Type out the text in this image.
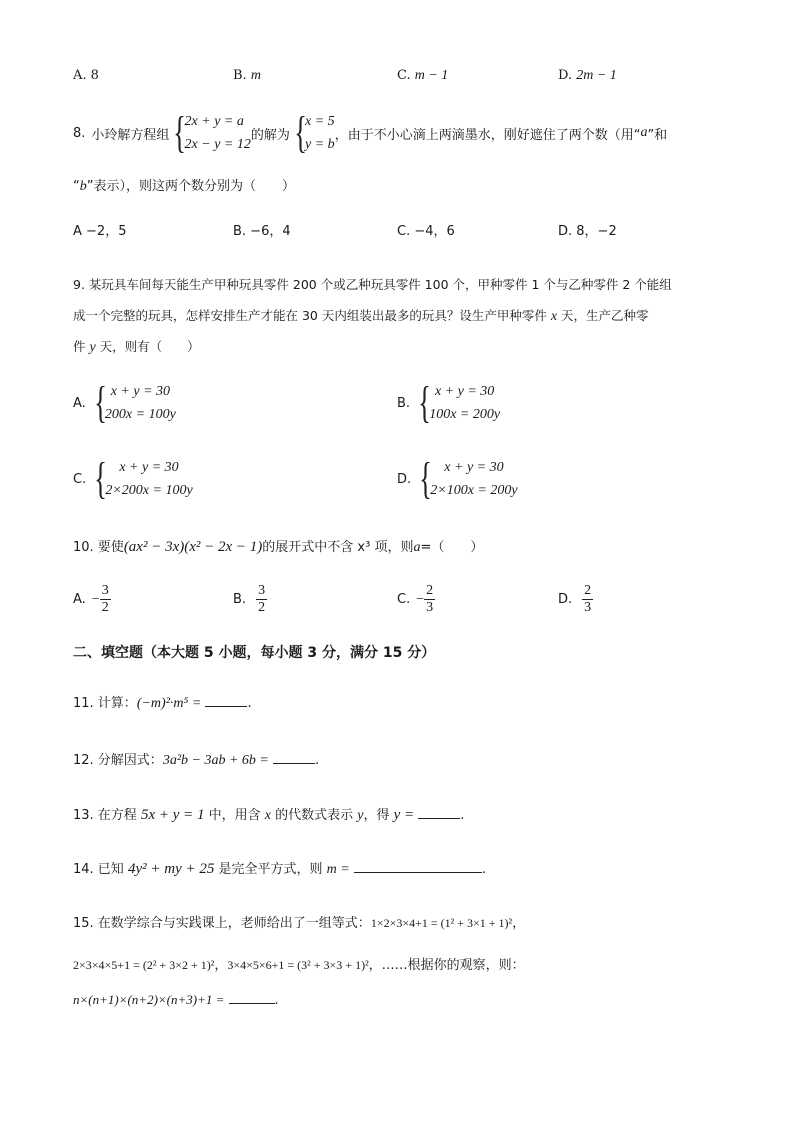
A. 8	B. m	C. m − 1	D. 2m − 1
8. 小玲解方程组 {
2x + y = a
2x − y = 12
的解为 {
x = 5
y = b
，由于不小心滴上两滴墨水，刚好遮住了两个数（用“ a ”和
“b”表示），则这两个数分别为（　　）
A −2，5	B. −6，4	C. −4，6	D. 8，−2
9. 某玩具车间每天能生产甲种玩具零件 200 个或乙种玩具零件 100 个，甲种零件 1 个与乙种零件 2 个能组
成一个完整的玩具，怎样安排生产才能在 30 天内组装出最多的玩具？设生产甲种零件 x 天，生产乙种零
件 y 天，则有（　　）
A. { x + y = 30
200x = 100y
B. { x + y = 30
100x = 200y
C. { x + y = 30
2×200x = 100y
D. { x + y = 30
2×100x = 200y
10. 要使(ax² − 3x)(x² − 2x − 1)的展开式中不含 x³ 项，则a=（　　）
A. − $\frac{3}{2}$	B. $\frac{3}{2}$	C. − $\frac{2}{3}$	D. $\frac{2}{3}$
二、填空题（本大题 5 小题，每小题 3 分，满分 15 分）
11. 计算：(−m)²·m⁵ =	.
12. 分解因式：3a²b − 3ab + 6b =	.
13. 在方程 5x + y = 1 中，用含 x 的代数式表示 y，得 y =	.
14. 已知 4y² + my + 25 是完全平方式，则 m =	.
15. 在数学综合与实践课上，老师给出了一组等式：1×2×3×4+1 = (1² + 3×1 + 1)²，
2×3×4×5+1 = (2² + 3×2 + 1)²，3×4×5×6+1 = (3² + 3×3 + 1)²，……根据你的观察，则：
n×(n+1)×(n+2)×(n+3)+1 =	.
